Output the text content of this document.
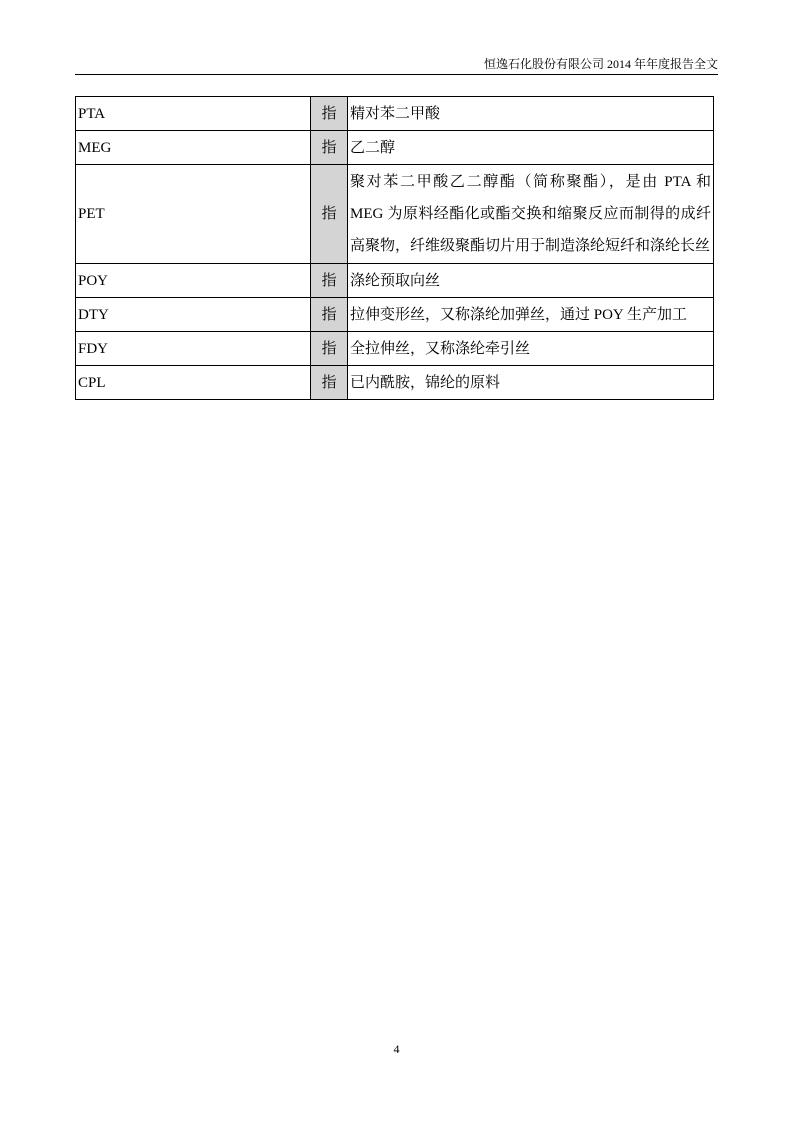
恒逸石化股份有限公司 2014 年年度报告全文
PTA	指	精对苯二甲酸
MEG	指	乙二醇
PET	指	聚对苯二甲酸乙二醇酯（简称聚酯），是由 PTA 和 MEG 为原料经酯化或酯交换和缩聚反应而制得的成纤高聚物，纤维级聚酯切片用于制造涤纶短纤和涤纶长丝
POY	指	涤纶预取向丝
DTY	指	拉伸变形丝，又称涤纶加弹丝，通过 POY 生产加工
FDY	指	全拉伸丝，又称涤纶牵引丝
CPL	指	已内酰胺，锦纶的原料
4
